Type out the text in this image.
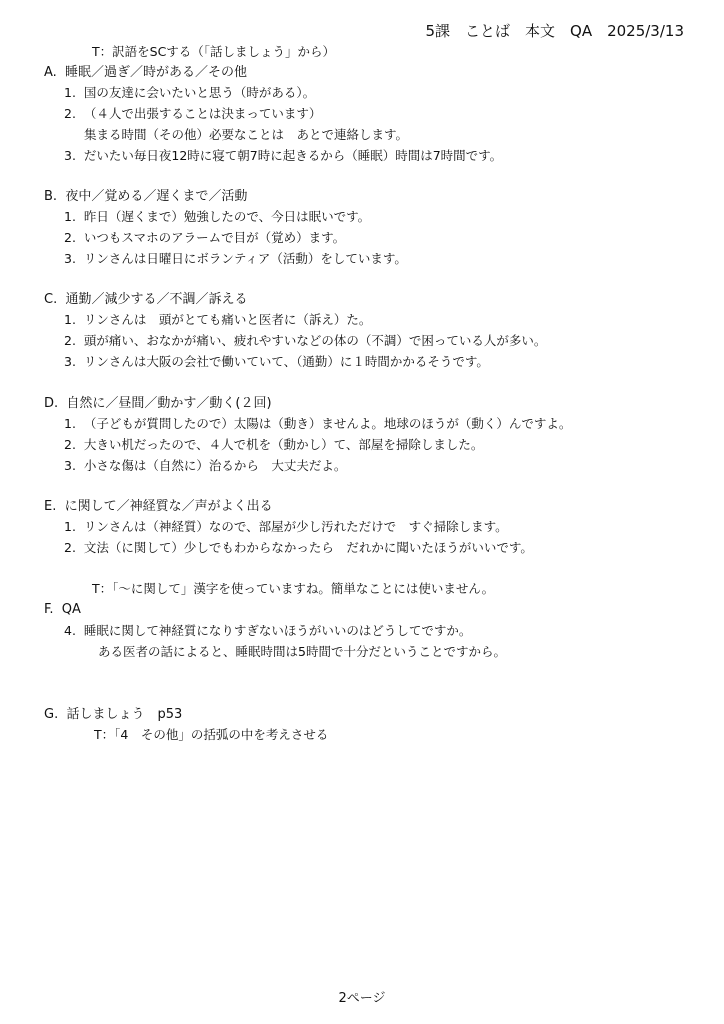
5課　ことば　本文　QA　2025/3/13
T：訳語をSCする（「話しましょう」から）
A.  睡眠／過ぎ／時がある／その他
1.  国の友達に会いたいと思う（時がある）。
2.  （４人で出張することは決まっています）
集まる時間（その他）必要なことは　あとで連絡します。
3.  だいたい毎日夜12時に寝て朝7時に起きるから（睡眠）時間は7時間です。
B.  夜中／覚める／遅くまで／活動
1.  昨日（遅くまで）勉強したので、今日は眠いです。
2.  いつもスマホのアラームで目が（覚め）ます。
3.  リンさんは日曜日にボランティア（活動）をしています。
C.  通勤／減少する／不調／訴える
1.  リンさんは　頭がとても痛いと医者に（訴え）た。
2.  頭が痛い、おなかが痛い、疲れやすいなどの体の（不調）で困っている人が多い。
3.  リンさんは大阪の会社で働いていて、（通勤）に１時間かかるそうです。
D.  自然に／昼間／動かす／動く(２回)
1.  （子どもが質問したので）太陽は（動き）ませんよ。地球のほうが（動く）んですよ。
2.  大きい机だったので、４人で机を（動かし）て、部屋を掃除しました。
3.  小さな傷は（自然に）治るから　大丈夫だよ。
E.  に関して／神経質な／声がよく出る
1.  リンさんは（神経質）なので、部屋が少し汚れただけで　すぐ掃除します。
2.  文法（に関して）少しでもわからなかったら　だれかに聞いたほうがいいです。
T：「～に関して」漢字を使っていますね。簡単なことには使いません。
F.  QA
4.  睡眠に関して神経質になりすぎないほうがいいのはどうしてですか。
ある医者の話によると、睡眠時間は5時間で十分だということですから。
G.  話しましょう　p53
T：「4　その他」の括弧の中を考えさせる
2ページ
